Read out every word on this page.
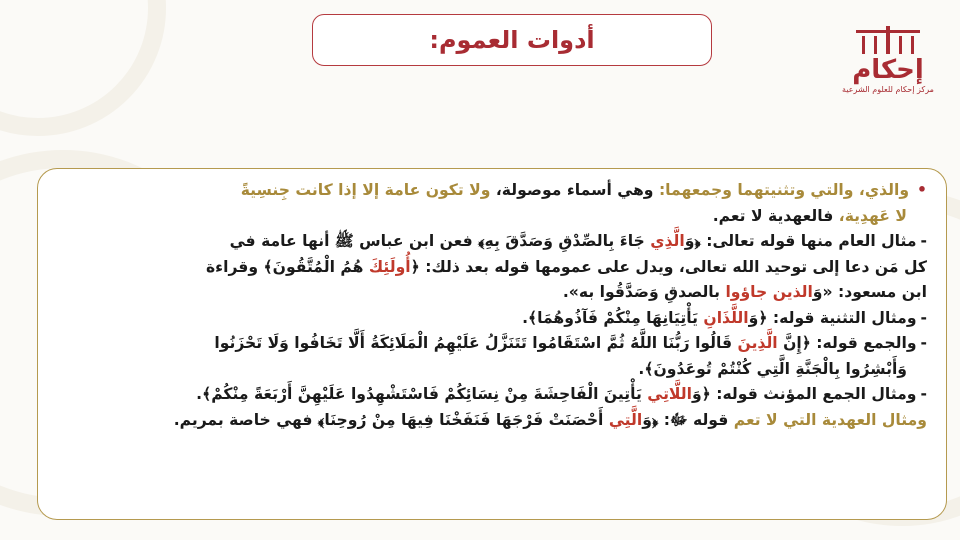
أدوات العموم:
إحكام
مركز إحكام للعلوم الشرعية
•والذي، والتي وتثنيتهما وجمعهما: وهي أسماء موصولة، ولا تكون عامة إلا إذا كانت جِنسِيةً
لا عَهدِية، فالعهدية لا تعم.
-مثال العام منها قوله تعالى: ﴿وَالَّذِي جَاءَ بِالصِّدْقِ وَصَدَّقَ بِهِ﴾ فعن ابن عباس ﷺ أنها عامة في
كل مَن دعا إلى توحيد الله تعالى، ويدل على عمومها قوله بعد ذلك: ﴿أُولَئِكَ هُمُ الْمُتَّقُونَ﴾ وقراءة
ابن مسعود: «وَالذين جاؤوا بالصدقِ وَصَدَّقُوا به».
-ومثال التثنية قوله: ﴿وَاللَّذَانِ يَأْتِيَانِهَا مِنْكُمْ فَآذُوهُمَا﴾.
-والجمع قوله: ﴿إِنَّ الَّذِينَ قَالُوا رَبُّنَا اللَّهُ ثُمَّ اسْتَقَامُوا تَتَنَزَّلُ عَلَيْهِمُ الْمَلَائِكَةُ أَلَّا تَخَافُوا وَلَا تَحْزَنُوا
وَأَبْشِرُوا بِالْجَنَّةِ الَّتِي كُنْتُمْ تُوعَدُونَ﴾.
-ومثال الجمع المؤنث قوله: ﴿وَاللَّاتِي يَأْتِينَ الْفَاحِشَةَ مِنْ نِسَائِكُمْ فَاسْتَشْهِدُوا عَلَيْهِنَّ أَرْبَعَةً مِنْكُمْ﴾.
ومثال العهدية التي لا تعم قوله ﷻ: ﴿وَالَّتِي أَحْصَنَتْ فَرْجَهَا فَنَفَخْنَا فِيهَا مِنْ رُوحِنَا﴾ فهي خاصة بمريم.
